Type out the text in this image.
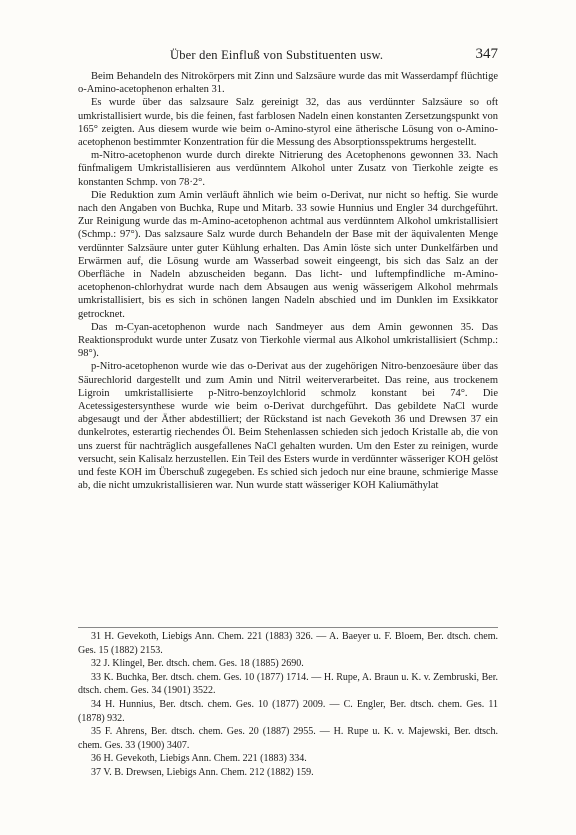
Über den Einfluß von Substituenten usw.	347

Beim Behandeln des Nitrokörpers mit Zinn und Salzsäure wurde das mit Wasserdampf flüchtige o-Amino-acetophenon erhalten 31.

Es wurde über das salzsaure Salz gereinigt 32, das aus verdünnter Salzsäure so oft umkristallisiert wurde, bis die feinen, fast farblosen Nadeln einen konstanten Zersetzungspunkt von 165° zeigten. Aus diesem wurde wie beim o-Amino-styrol eine ätherische Lösung von o-Amino-acetophenon bestimmter Konzentration für die Messung des Absorptionsspektrums hergestellt.

m-Nitro-acetophenon wurde durch direkte Nitrierung des Acetophenons gewonnen 33. Nach fünfmaligem Umkristallisieren aus verdünntem Alkohol unter Zusatz von Tierkohle zeigte es konstanten Schmp. von 78·2°.

Die Reduktion zum Amin verläuft ähnlich wie beim o-Derivat, nur nicht so heftig. Sie wurde nach den Angaben von Buchka, Rupe und Mitarb. 33 sowie Hunnius und Engler 34 durchgeführt. Zur Reinigung wurde das m-Amino-acetophenon achtmal aus verdünntem Alkohol umkristallisiert (Schmp.: 97°). Das salzsaure Salz wurde durch Behandeln der Base mit der äquivalenten Menge verdünnter Salzsäure unter guter Kühlung erhalten. Das Amin löste sich unter Dunkelfärben und Erwärmen auf, die Lösung wurde am Wasserbad soweit eingeengt, bis sich das Salz an der Oberfläche in Nadeln abzuscheiden begann. Das licht- und luftempfindliche m-Amino-acetophenon-chlorhydrat wurde nach dem Absaugen aus wenig wässerigem Alkohol mehrmals umkristallisiert, bis es sich in schönen langen Nadeln abschied und im Dunklen im Exsikkator getrocknet.

Das m-Cyan-acetophenon wurde nach Sandmeyer aus dem Amin gewonnen 35. Das Reaktionsprodukt wurde unter Zusatz von Tierkohle viermal aus Alkohol umkristallisiert (Schmp.: 98°).

p-Nitro-acetophenon wurde wie das o-Derivat aus der zugehörigen Nitro-benzoesäure über das Säurechlorid dargestellt und zum Amin und Nitril weiterverarbeitet. Das reine, aus trockenem Ligroin umkristallisierte p-Nitro-benzoylchlorid schmolz konstant bei 74°. Die Acetessigestersynthese wurde wie beim o-Derivat durchgeführt. Das gebildete NaCl wurde abgesaugt und der Äther abdestilliert; der Rückstand ist nach Gevekoth 36 und Drewsen 37 ein dunkelrotes, esterartig riechendes Öl. Beim Stehenlassen schieden sich jedoch Kristalle ab, die von uns zuerst für nachträglich ausgefallenes NaCl gehalten wurden. Um den Ester zu reinigen, wurde versucht, sein Kalisalz herzustellen. Ein Teil des Esters wurde in verdünnter wässeriger KOH gelöst und feste KOH im Überschuß zugegeben. Es schied sich jedoch nur eine braune, schmierige Masse ab, die nicht umzukristallisieren war. Nun wurde statt wässeriger KOH Kaliumäthylat

31 H. Gevekoth, Liebigs Ann. Chem. 221 (1883) 326. — A. Baeyer u. F. Bloem, Ber. dtsch. chem. Ges. 15 (1882) 2153.

32 J. Klingel, Ber. dtsch. chem. Ges. 18 (1885) 2690.

33 K. Buchka, Ber. dtsch. chem. Ges. 10 (1877) 1714. — H. Rupe, A. Braun u. K. v. Zembruski, Ber. dtsch. chem. Ges. 34 (1901) 3522.

34 H. Hunnius, Ber. dtsch. chem. Ges. 10 (1877) 2009. — C. Engler, Ber. dtsch. chem. Ges. 11 (1878) 932.

35 F. Ahrens, Ber. dtsch. chem. Ges. 20 (1887) 2955. — H. Rupe u. K. v. Majewski, Ber. dtsch. chem. Ges. 33 (1900) 3407.

36 H. Gevekoth, Liebigs Ann. Chem. 221 (1883) 334.

37 V. B. Drewsen, Liebigs Ann. Chem. 212 (1882) 159.
